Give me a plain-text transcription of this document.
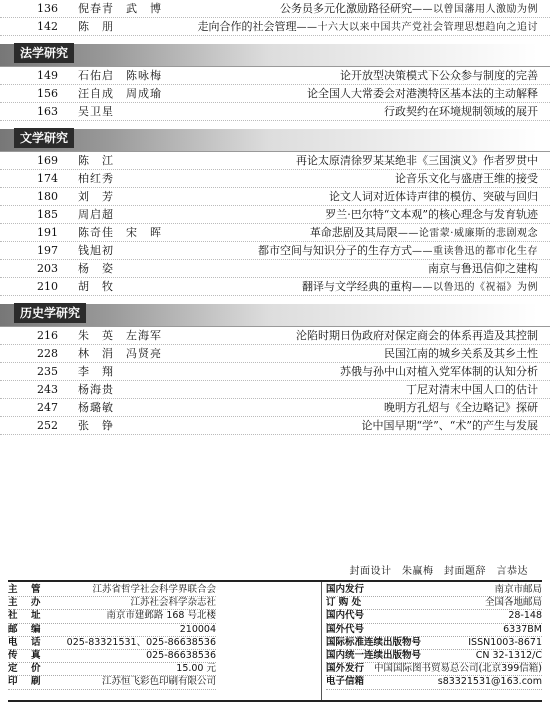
136	倪春青　武　博	公务员多元化激励路径研究——以曾国藩用人激励为例
142	陈　朋	走向合作的社会管理——十六大以来中国共产党社会管理思想趋向之追讨
法学研究
149	石佑启　陈咏梅	论开放型决策模式下公众参与制度的完善
156	汪自成　周成瑜	论全国人大常委会对港澳特区基本法的主动解释
163	吴卫星	行政契约在环境规制领域的展开
文学研究
169	陈　江	再论太原清徐罗某某绝非《三国演义》作者罗贯中
174	柏红秀	论音乐文化与盛唐王维的接受
180	刘　芳	论文人词对近体诗声律的模仿、突破与回归
185	周启超	罗兰·巴尔特“文本观”的核心理念与发育轨迹
191	陈奇佳　宋　晖	革命悲剧及其局限——论雷蒙·威廉斯的悲剧观念
197	钱旭初	都市空间与知识分子的生存方式——重读鲁迅的都市化生存
203	杨　姿	南京与鲁迅信仰之建构
210	胡　牧	翻译与文学经典的重构——以鲁迅的《祝福》为例
历史学研究
216	朱　英　左海军	沦陷时期日伪政府对保定商会的体系再造及其控制
228	林　涓　冯贤亮	民国江南的城乡关系及其乡土性
235	李　翔	苏俄与孙中山对植入党军体制的认知分析
243	杨海贵	丁尼对清末中国人口的估计
247	杨璐敏	晚明方孔炤与《全边略记》探研
252	张　铮	论中国早期“学”、“术”的产生与发展
封面设计　朱赢梅　封面题辞　言恭达
主　管	江苏省哲学社会科学界联合会
主　办	江苏社会科学杂志社
社　址	南京市建邺路 168 号北楼
邮　编	210004
电　话	025-83321531、025-86638536
传　真	025-86638536
定　价	15.00 元
印　刷	江苏恒飞彩色印刷有限公司
国内发行	南京市邮局
订 购 处	全国各地邮局
国内代号	28-148
国外代号	6337BM
国际标准连续出版物号	ISSN1003-8671
国内统一连续出版物号	CN 32-1312/C
国外发行 中国国际图书贸易总公司(北京399信箱)
电子信箱	s83321531@163.com
